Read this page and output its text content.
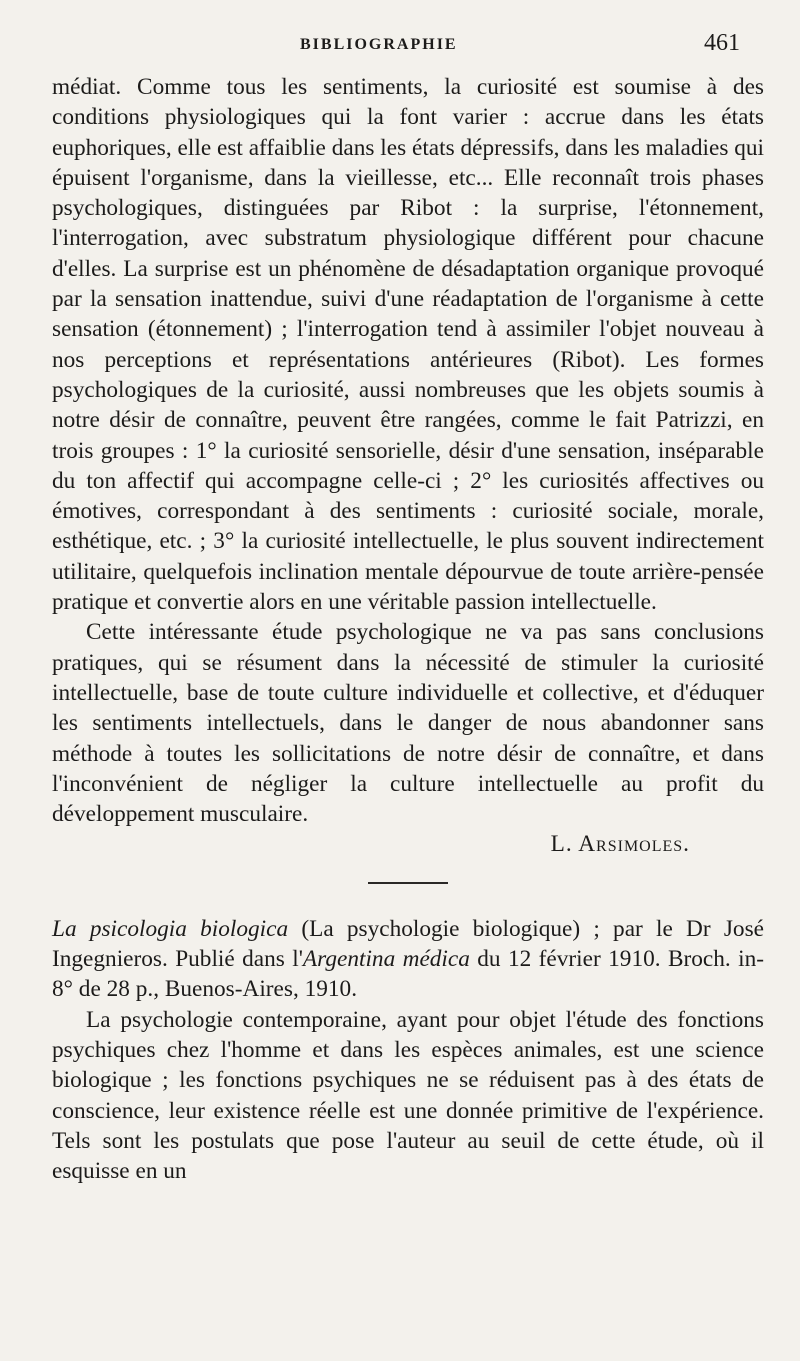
BIBLIOGRAPHIE	461

médiat. Comme tous les sentiments, la curiosité est soumise à des conditions physiologiques qui la font varier : accrue dans les états euphoriques, elle est affaiblie dans les états dépressifs, dans les maladies qui épuisent l'organisme, dans la vieillesse, etc... Elle reconnaît trois phases psychologiques, distinguées par Ribot : la surprise, l'étonnement, l'interrogation, avec substratum physiologique différent pour chacune d'elles. La surprise est un phénomène de désadaptation organique provoqué par la sensation inattendue, suivi d'une réadaptation de l'organisme à cette sensation (étonnement) ; l'interrogation tend à assimiler l'objet nouveau à nos perceptions et représentations antérieures (Ribot). Les formes psychologiques de la curiosité, aussi nombreuses que les objets soumis à notre désir de connaître, peuvent être rangées, comme le fait Patrizzi, en trois groupes : 1° la curiosité sensorielle, désir d'une sensation, inséparable du ton affectif qui accompagne celle-ci ; 2° les curiosités affectives ou émotives, correspondant à des sentiments : curiosité sociale, morale, esthétique, etc. ; 3° la curiosité intellectuelle, le plus souvent indirectement utilitaire, quelquefois inclination mentale dépourvue de toute arrière-pensée pratique et convertie alors en une véritable passion intellectuelle.

Cette intéressante étude psychologique ne va pas sans conclusions pratiques, qui se résument dans la nécessité de stimuler la curiosité intellectuelle, base de toute culture individuelle et collective, et d'éduquer les sentiments intellectuels, dans le danger de nous abandonner sans méthode à toutes les sollicitations de notre désir de connaître, et dans l'inconvénient de négliger la culture intellectuelle au profit du développement musculaire.

L. Arsimoles.

La psicologia biologica (La psychologie biologique) ; par le Dr José Ingegnieros. Publié dans l'Argentina médica du 12 février 1910. Broch. in-8° de 28 p., Buenos-Aires, 1910.

La psychologie contemporaine, ayant pour objet l'étude des fonctions psychiques chez l'homme et dans les espèces animales, est une science biologique ; les fonctions psychiques ne se réduisent pas à des états de conscience, leur existence réelle est une donnée primitive de l'expérience. Tels sont les postulats que pose l'auteur au seuil de cette étude, où il esquisse en un
